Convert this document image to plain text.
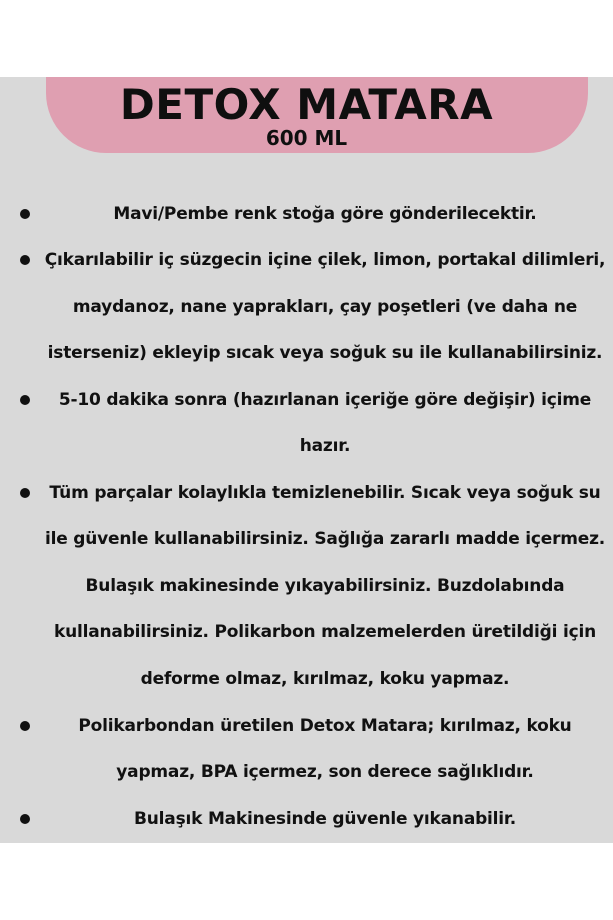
DETOX MATARA
600 ML
Mavi/Pembe renk stoğa göre gönderilecektir.
Çıkarılabilir iç süzgecin içine çilek, limon, portakal dilimleri,
maydanoz, nane yaprakları, çay poşetleri (ve daha ne
isterseniz) ekleyip sıcak veya soğuk su ile kullanabilirsiniz.
5-10 dakika sonra (hazırlanan içeriğe göre değişir) içime
hazır.
Tüm parçalar kolaylıkla temizlenebilir. Sıcak veya soğuk su
ile güvenle kullanabilirsiniz. Sağlığa zararlı madde içermez.
Bulaşık makinesinde yıkayabilirsiniz. Buzdolabında
kullanabilirsiniz. Polikarbon malzemelerden üretildiği için
deforme olmaz, kırılmaz, koku yapmaz.
Polikarbondan üretilen Detox Matara; kırılmaz, koku
yapmaz, BPA içermez, son derece sağlıklıdır.
Bulaşık Makinesinde güvenle yıkanabilir.
